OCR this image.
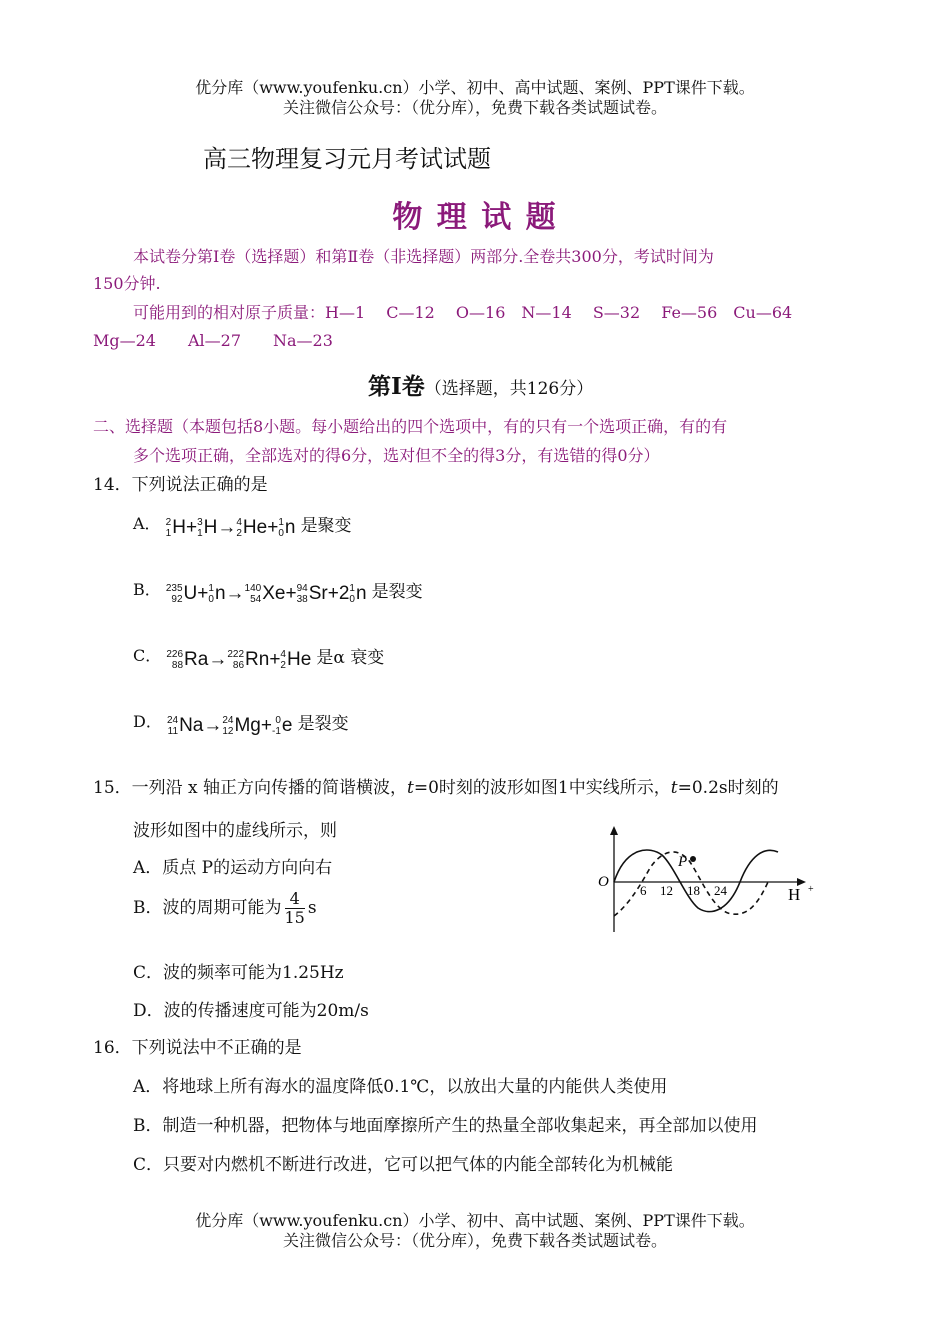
优分库（www.youfenku.cn）小学、初中、高中试题、案例、PPT课件下载。
关注微信公众号：（优分库），免费下载各类试题试卷。
高三物理复习元月考试试题
物 理 试 题
本试卷分第Ⅰ卷（选择题）和第Ⅱ卷（非选择题）两部分.全卷共300分，考试时间为
150分钟.
可能用到的相对原子质量：H—1　 C—12　 O—16　N—14　 S—32　 Fe—56　Cu—64
Mg—24　　Al—27　　Na—23
第Ⅰ卷（选择题，共126分）
二、选择题（本题包括8小题。每小题给出的四个选项中，有的只有一个选项正确，有的有
多个选项正确，全部选对的得6分，选对但不全的得3分，有选错的得0分）
14．下列说法正确的是
A． 2
1 H+ 3
1 H→ 4
2 He+ 1
0 n 是聚变
B． 235
92 U+ 1
0 n→ 140
54 Xe+ 94
38 Sr+2 1
0 n 是裂变
C． 226
88 Ra→ 222
86 Rn+ 4
2 He 是α 衰变
D． 24
11 Na→ 24
12 Mg+ 0
-1 e 是裂变
15．一列沿 x 轴正方向传播的简谐横波，t=0时刻的波形如图1中实线所示，t=0.2s时刻的
波形如图中的虚线所示，则
A．质点 P的运动方向向右
B．波的周期可能为 $\frac{4}{15}$ s
C．波的频率可能为1.25Hz
D．波的传播速度可能为20m/s
O
P
6 12 18 24	H +
16．下列说法中不正确的是
A．将地球上所有海水的温度降低0.1℃，以放出大量的内能供人类使用
B．制造一种机器，把物体与地面摩擦所产生的热量全部收集起来，再全部加以使用
C．只要对内燃机不断进行改进，它可以把气体的内能全部转化为机械能
优分库（www.youfenku.cn）小学、初中、高中试题、案例、PPT课件下载。
关注微信公众号：（优分库），免费下载各类试题试卷。
